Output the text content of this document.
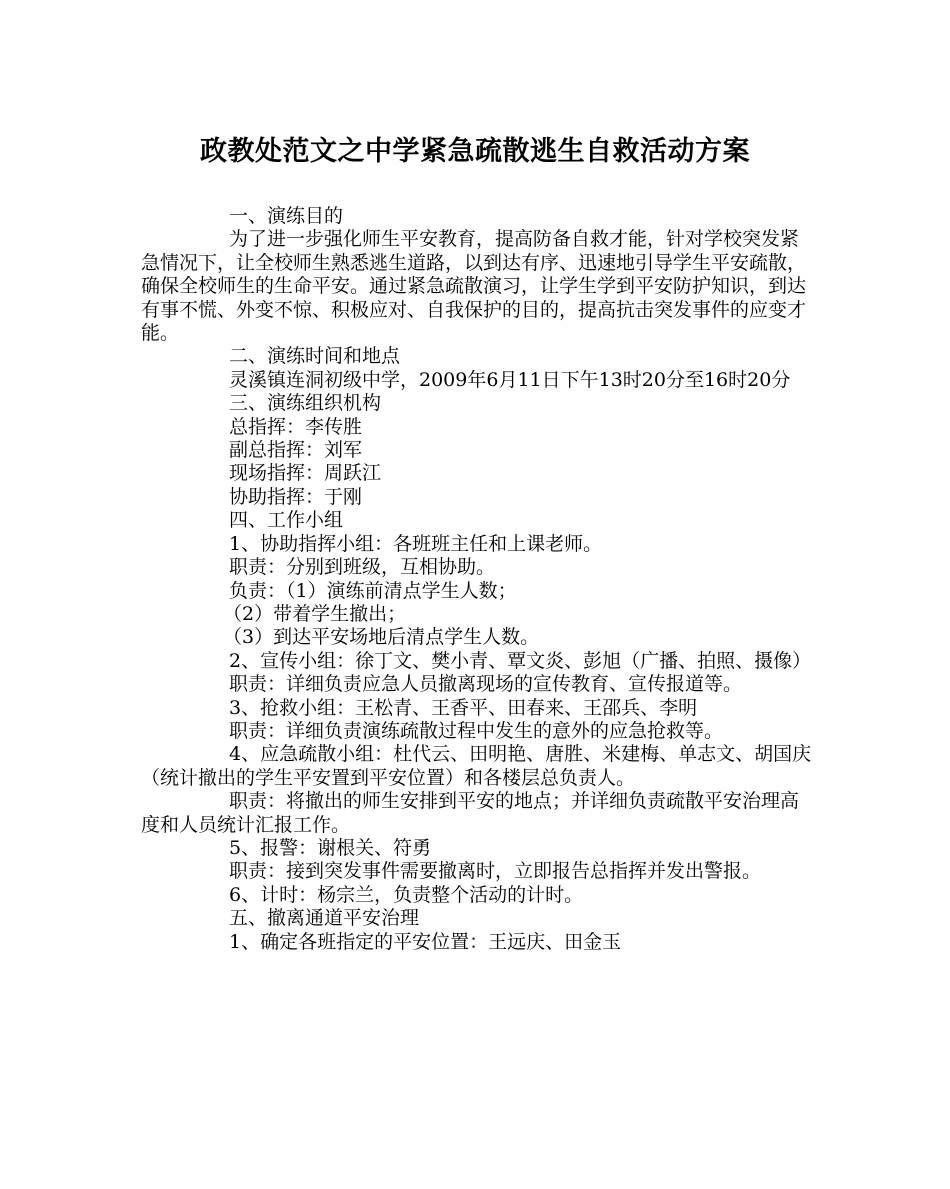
政教处范文之中学紧急疏散逃生自救活动方案

一、演练目的

为了进一步强化师生平安教育，提高防备自救才能，针对学校突发紧急情况下，让全校师生熟悉逃生道路，以到达有序、迅速地引导学生平安疏散，确保全校师生的生命平安。通过紧急疏散演习，让学生学到平安防护知识，到达有事不慌、外变不惊、积极应对、自我保护的目的，提高抗击突发事件的应变才能。

二、演练时间和地点

灵溪镇连洞初级中学，2009年6月11日下午13时20分至16时20分

三、演练组织机构

总指挥：李传胜

副总指挥：刘军

现场指挥：周跃江

协助指挥：于刚

四、工作小组

1、协助指挥小组：各班班主任和上课老师。

职责：分别到班级，互相协助。

负责：（1）演练前清点学生人数；

（2）带着学生撤出；

（3）到达平安场地后清点学生人数。

2、宣传小组：徐丁文、樊小青、覃文炎、彭旭（广播、拍照、摄像）

职责：详细负责应急人员撤离现场的宣传教育、宣传报道等。

3、抢救小组：王松青、王香平、田春来、王邵兵、李明

职责：详细负责演练疏散过程中发生的意外的应急抢救等。

4、应急疏散小组：杜代云、田明艳、唐胜、米建梅、单志文、胡国庆（统计撤出的学生平安置到平安位置）和各楼层总负责人。

职责：将撤出的师生安排到平安的地点；并详细负责疏散平安治理高度和人员统计汇报工作。

5、报警：谢根关、符勇

职责：接到突发事件需要撤离时，立即报告总指挥并发出警报。

6、计时：杨宗兰，负责整个活动的计时。

五、撤离通道平安治理

1、确定各班指定的平安位置：王远庆、田金玉
